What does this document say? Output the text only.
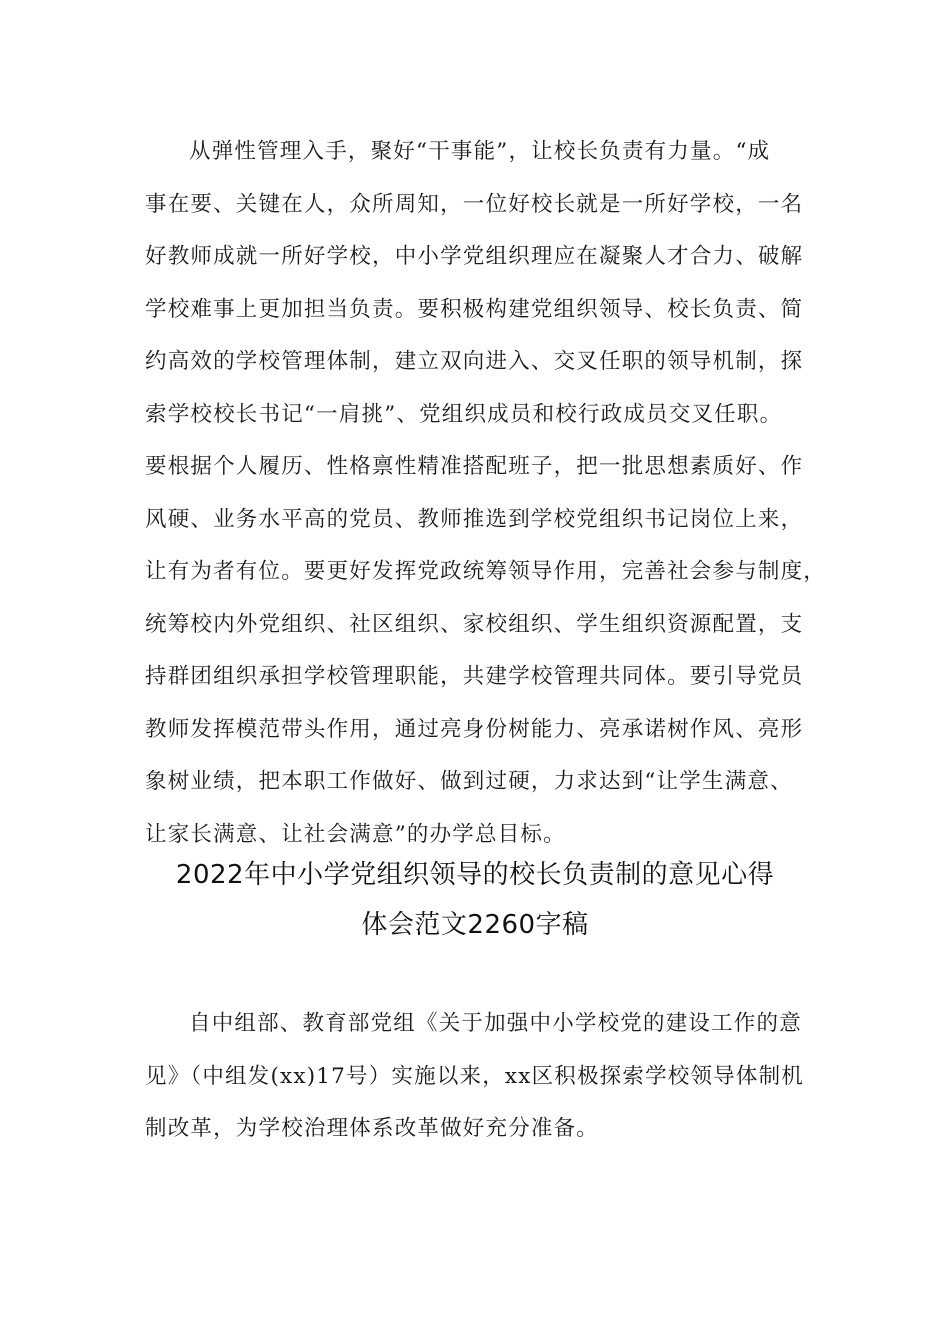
从弹性管理入手，聚好“干事能”，让校长负责有力量。“成
事在要、关键在人，众所周知，一位好校长就是一所好学校，一名
好教师成就一所好学校，中小学党组织理应在凝聚人才合力、破解
学校难事上更加担当负责。要积极构建党组织领导、校长负责、简
约高效的学校管理体制，建立双向进入、交叉任职的领导机制，探
索学校校长书记“一肩挑”、党组织成员和校行政成员交叉任职。
要根据个人履历、性格禀性精准搭配班子，把一批思想素质好、作
风硬、业务水平高的党员、教师推选到学校党组织书记岗位上来，
让有为者有位。要更好发挥党政统筹领导作用，完善社会参与制度，
统筹校内外党组织、社区组织、家校组织、学生组织资源配置，支
持群团组织承担学校管理职能，共建学校管理共同体。要引导党员
教师发挥模范带头作用，通过亮身份树能力、亮承诺树作风、亮形
象树业绩，把本职工作做好、做到过硬，力求达到“让学生满意、
让家长满意、让社会满意”的办学总目标。
2022年中小学党组织领导的校长负责制的意见心得
体会范文2260字稿
自中组部、教育部党组《关于加强中小学校党的建设工作的意
见》（中组发(xx)17号）实施以来，xx区积极探索学校领导体制机
制改革，为学校治理体系改革做好充分准备。
